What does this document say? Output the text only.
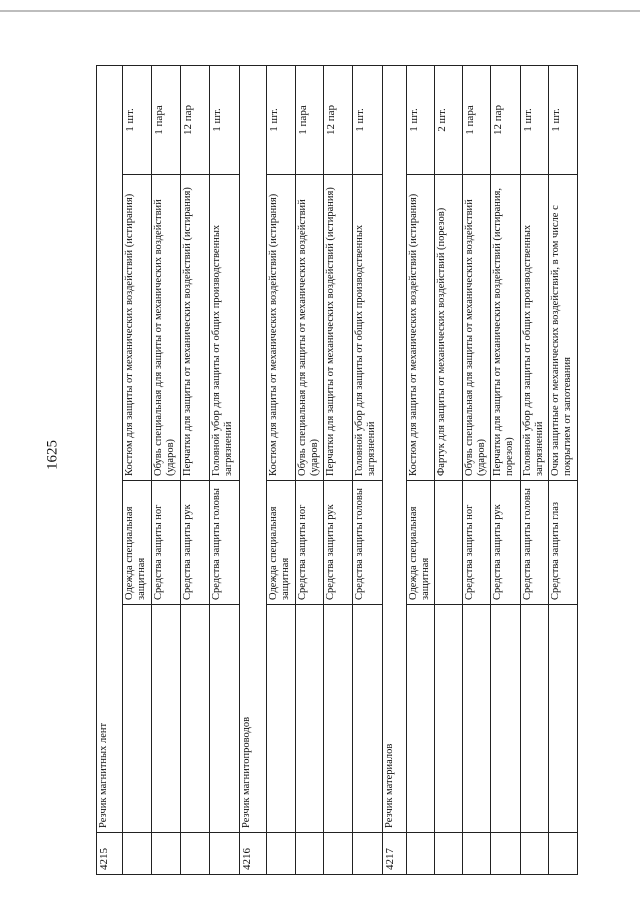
1625
4215	Резчик магнитных лент			
		Одежда специальная защитная	Костюм для защиты от механических воздействий (истирания)	1 шт.
		Средства защиты ног	Обувь специальная для защиты от механических воздействий (ударов)	1 пара
		Средства защиты рук	Перчатки для защиты от механических воздействий (истирания)	12 пар
		Средства защиты головы	Головной убор для защиты от общих производственных загрязнений	1 шт.
4216	Резчик магнитопроводов			
		Одежда специальная защитная	Костюм для защиты от механических воздействий (истирания)	1 шт.
		Средства защиты ног	Обувь специальная для защиты от механических воздействий (ударов)	1 пара
		Средства защиты рук	Перчатки для защиты от механических воздействий (истирания)	12 пар
		Средства защиты головы	Головной убор для защиты от общих производственных загрязнений	1 шт.
4217	Резчик материалов			
		Одежда специальная защитная	Костюм для защиты от механических воздействий (истирания)	1 шт.
			Фартук для защиты от механических воздействий (порезов)	2 шт.
		Средства защиты ног	Обувь специальная для защиты от механических воздействий (ударов)	1 пара
		Средства защиты рук	Перчатки для защиты от механических воздействий (истирания, порезов)	12 пар
		Средства защиты головы	Головной убор для защиты от общих производственных загрязнений	1 шт.
		Средства защиты глаз	Очки защитные от механических воздействий, в том числе с покрытием от запотевания	1 шт.
